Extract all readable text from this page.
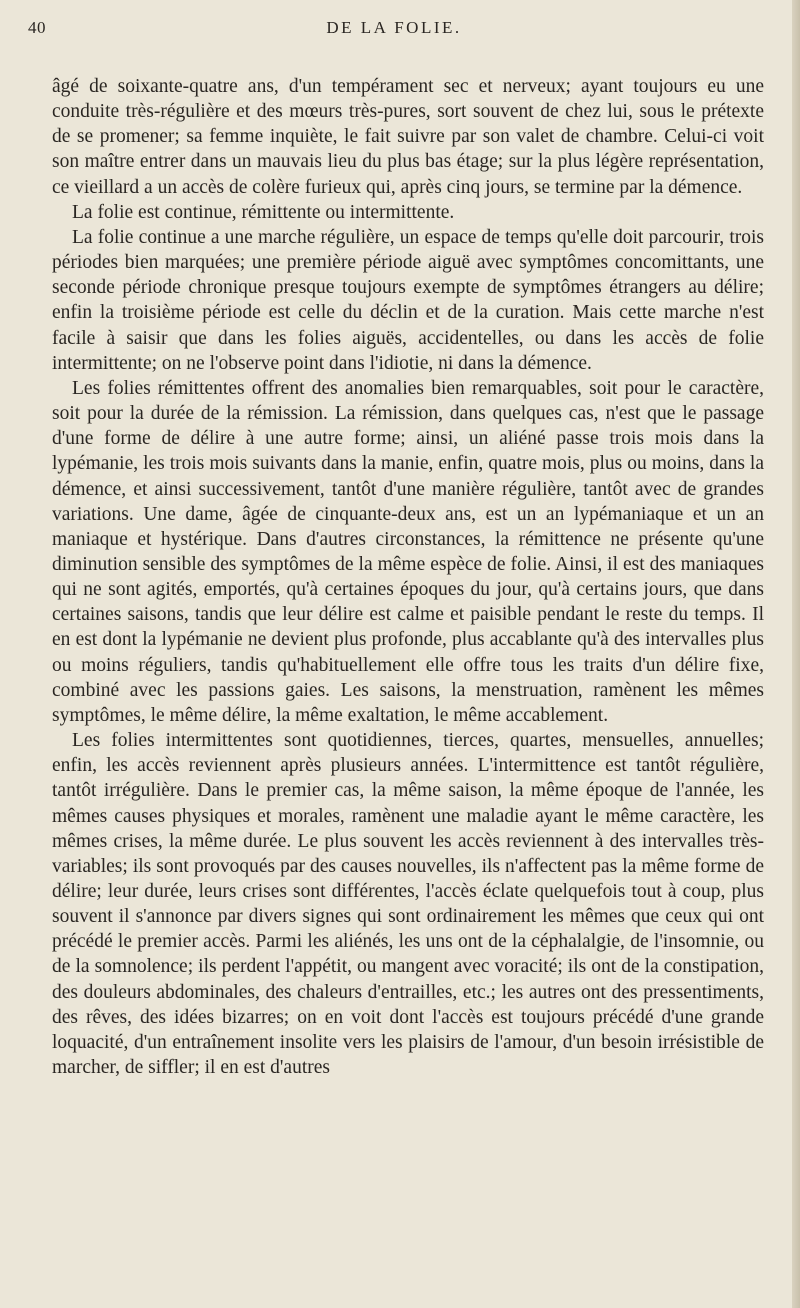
40	DE LA FOLIE.

âgé de soixante-quatre ans, d'un tempérament sec et nerveux; ayant toujours eu une conduite très-régulière et des mœurs très-pures, sort souvent de chez lui, sous le prétexte de se promener; sa femme inquiète, le fait suivre par son valet de chambre. Celui-ci voit son maître entrer dans un mauvais lieu du plus bas étage; sur la plus légère représentation, ce vieillard a un accès de colère furieux qui, après cinq jours, se termine par la démence.

La folie est continue, rémittente ou intermittente.

La folie continue a une marche régulière, un espace de temps qu'elle doit parcourir, trois périodes bien marquées; une première période aiguë avec symptômes concomittants, une seconde période chronique presque toujours exempte de symptômes étrangers au délire; enfin la troisième période est celle du déclin et de la curation. Mais cette marche n'est facile à saisir que dans les folies aiguës, accidentelles, ou dans les accès de folie intermittente; on ne l'observe point dans l'idiotie, ni dans la démence.

Les folies rémittentes offrent des anomalies bien remarquables, soit pour le caractère, soit pour la durée de la rémission. La rémission, dans quelques cas, n'est que le passage d'une forme de délire à une autre forme; ainsi, un aliéné passe trois mois dans la lypémanie, les trois mois suivants dans la manie, enfin, quatre mois, plus ou moins, dans la démence, et ainsi successivement, tantôt d'une manière régulière, tantôt avec de grandes variations. Une dame, âgée de cinquante-deux ans, est un an lypémaniaque et un an maniaque et hystérique. Dans d'autres circonstances, la rémittence ne présente qu'une diminution sensible des symptômes de la même espèce de folie. Ainsi, il est des maniaques qui ne sont agités, emportés, qu'à certaines époques du jour, qu'à certains jours, que dans certaines saisons, tandis que leur délire est calme et paisible pendant le reste du temps. Il en est dont la lypémanie ne devient plus profonde, plus accablante qu'à des intervalles plus ou moins réguliers, tandis qu'habituellement elle offre tous les traits d'un délire fixe, combiné avec les passions gaies. Les saisons, la menstruation, ramènent les mêmes symptômes, le même délire, la même exaltation, le même accablement.

Les folies intermittentes sont quotidiennes, tierces, quartes, mensuelles, annuelles; enfin, les accès reviennent après plusieurs années. L'intermittence est tantôt régulière, tantôt irrégulière. Dans le premier cas, la même saison, la même époque de l'année, les mêmes causes physiques et morales, ramènent une maladie ayant le même caractère, les mêmes crises, la même durée. Le plus souvent les accès reviennent à des intervalles très-variables; ils sont provoqués par des causes nouvelles, ils n'affectent pas la même forme de délire; leur durée, leurs crises sont différentes, l'accès éclate quelquefois tout à coup, plus souvent il s'annonce par divers signes qui sont ordinairement les mêmes que ceux qui ont précédé le premier accès. Parmi les aliénés, les uns ont de la céphalalgie, de l'insomnie, ou de la somnolence; ils perdent l'appétit, ou mangent avec voracité; ils ont de la constipation, des douleurs abdominales, des chaleurs d'entrailles, etc.; les autres ont des pressentiments, des rêves, des idées bizarres; on en voit dont l'accès est toujours précédé d'une grande loquacité, d'un entraînement insolite vers les plaisirs de l'amour, d'un besoin irrésistible de marcher, de siffler; il en est d'autres
